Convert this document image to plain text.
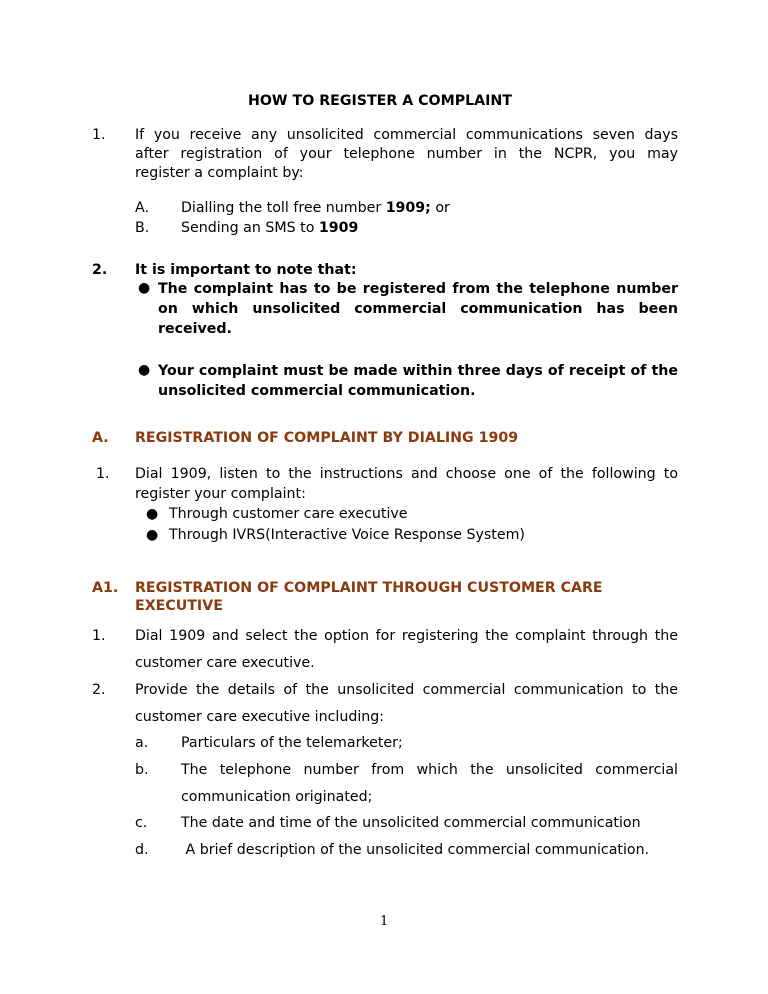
HOW TO REGISTER A COMPLAINT
1. If you receive any unsolicited commercial communications seven days
after registration of your telephone number in the NCPR, you may
register a complaint by:
A. Dialling the toll free number 1909; or
B. Sending an SMS to 1909
2. It is important to note that:
● The complaint has to be registered from the telephone number
on which unsolicited commercial communication has been
received.
● Your complaint must be made within three days of receipt of the
unsolicited commercial communication.
A. REGISTRATION OF COMPLAINT BY DIALING 1909
1. Dial 1909, listen to the instructions and choose one of the following to
register your complaint:
● Through customer care executive
● Through IVRS(Interactive Voice Response System)
A1. REGISTRATION OF COMPLAINT THROUGH CUSTOMER CARE
EXECUTIVE
1. Dial 1909 and select the option for registering the complaint through the
customer care executive.
2. Provide the details of the unsolicited commercial communication to the
customer care executive including:
a. Particulars of the telemarketer;
b. The telephone number from which the unsolicited commercial
communication originated;
c. The date and time of the unsolicited commercial communication
d. A brief description of the unsolicited commercial communication.
1
